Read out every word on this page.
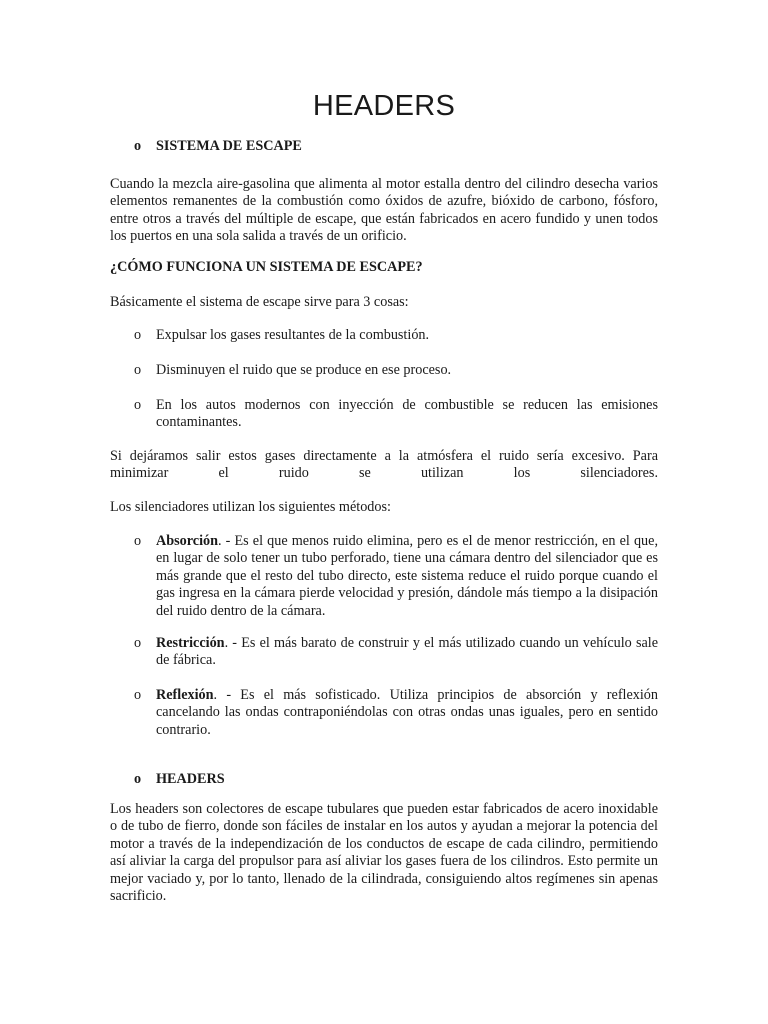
HEADERS
o SISTEMA DE ESCAPE
Cuando la mezcla aire-gasolina que alimenta al motor estalla dentro del cilindro desecha varios elementos remanentes de la combustión como óxidos de azufre, bióxido de carbono, fósforo, entre otros a través del múltiple de escape, que están fabricados en acero fundido y unen todos los puertos en una sola salida a través de un orificio.
¿CÓMO FUNCIONA UN SISTEMA DE ESCAPE?
Básicamente el sistema de escape sirve para 3 cosas:
o	Expulsar los gases resultantes de la combustión.
o	Disminuyen el ruido que se produce en ese proceso.
o	En los autos modernos con inyección de combustible se reducen las emisiones contaminantes.
Si dejáramos salir estos gases directamente a la atmósfera el ruido sería excesivo. Para minimizar el ruido se utilizan los silenciadores.
Los silenciadores utilizan los siguientes métodos:
o	Absorción. - Es el que menos ruido elimina, pero es el de menor restricción, en el que, en lugar de solo tener un tubo perforado, tiene una cámara dentro del silenciador que es más grande que el resto del tubo directo, este sistema reduce el ruido porque cuando el gas ingresa en la cámara pierde velocidad y presión, dándole más tiempo a la disipación del ruido dentro de la cámara.
o	Restricción. - Es el más barato de construir y el más utilizado cuando un vehículo sale de fábrica.
o	Reflexión. - Es el más sofisticado. Utiliza principios de absorción y reflexión cancelando las ondas contraponiéndolas con otras ondas unas iguales, pero en sentido contrario.
o HEADERS
Los headers son colectores de escape tubulares que pueden estar fabricados de acero inoxidable o de tubo de fierro, donde son fáciles de instalar en los autos y ayudan a mejorar la potencia del motor a través de la independización de los conductos de escape de cada cilindro, permitiendo así aliviar la carga del propulsor para así aliviar los gases fuera de los cilindros. Esto permite un mejor vaciado y, por lo tanto, llenado de la cilindrada, consiguiendo altos regímenes sin apenas sacrificio.
